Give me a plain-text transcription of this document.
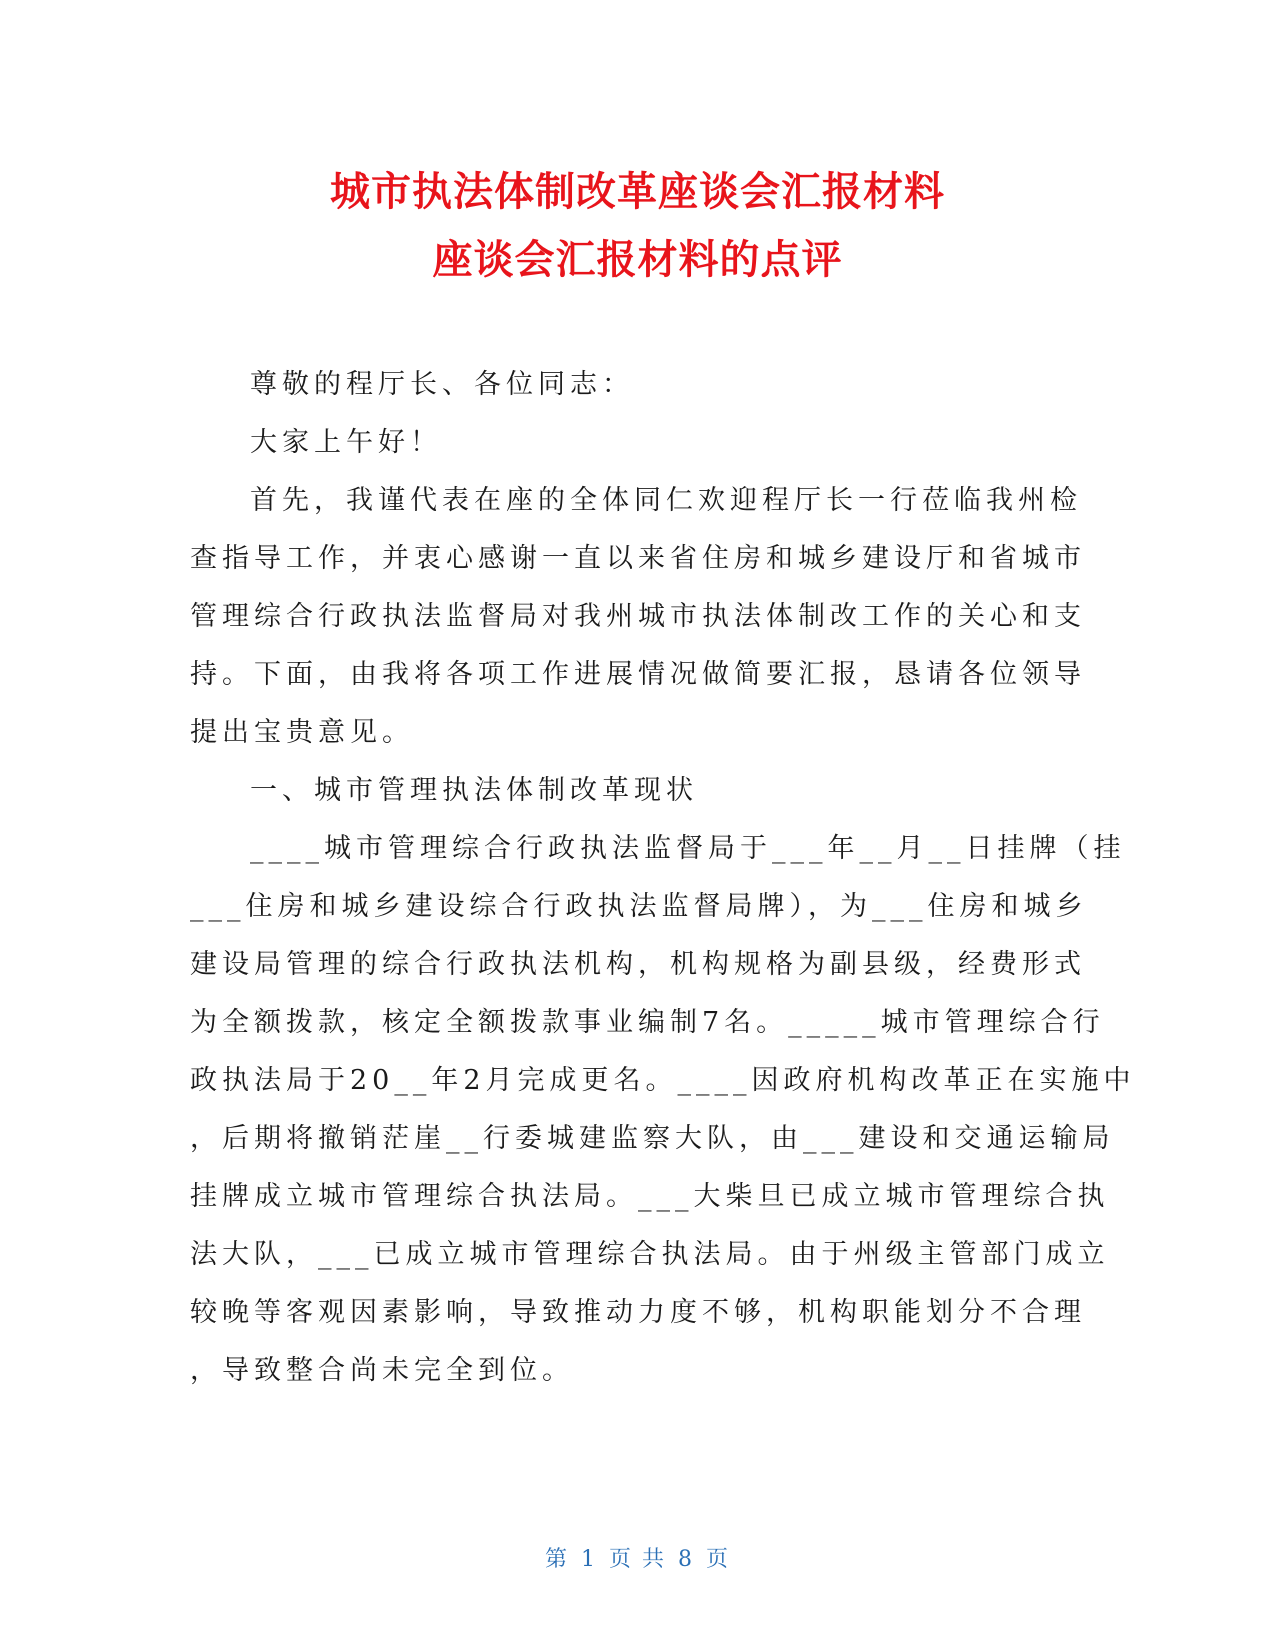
城市执法体制改革座谈会汇报材料
座谈会汇报材料的点评
尊敬的程厅长、各位同志：
大家上午好！
首先，我谨代表在座的全体同仁欢迎程厅长一行莅临我州检
查指导工作，并衷心感谢一直以来省住房和城乡建设厅和省城市
管理综合行政执法监督局对我州城市执法体制改工作的关心和支
持。下面，由我将各项工作进展情况做简要汇报，恳请各位领导
提出宝贵意见。
一、城市管理执法体制改革现状
____城市管理综合行政执法监督局于___年__月__日挂牌（挂
___住房和城乡建设综合行政执法监督局牌），为___住房和城乡
建设局管理的综合行政执法机构，机构规格为副县级，经费形式
为全额拨款，核定全额拨款事业编制7名。_____城市管理综合行
政执法局于20__年2月完成更名。____因政府机构改革正在实施中
，后期将撤销茫崖__行委城建监察大队，由___建设和交通运输局
挂牌成立城市管理综合执法局。___大柴旦已成立城市管理综合执
法大队，___已成立城市管理综合执法局。由于州级主管部门成立
较晚等客观因素影响，导致推动力度不够，机构职能划分不合理
，导致整合尚未完全到位。
第 1 页 共 8 页
